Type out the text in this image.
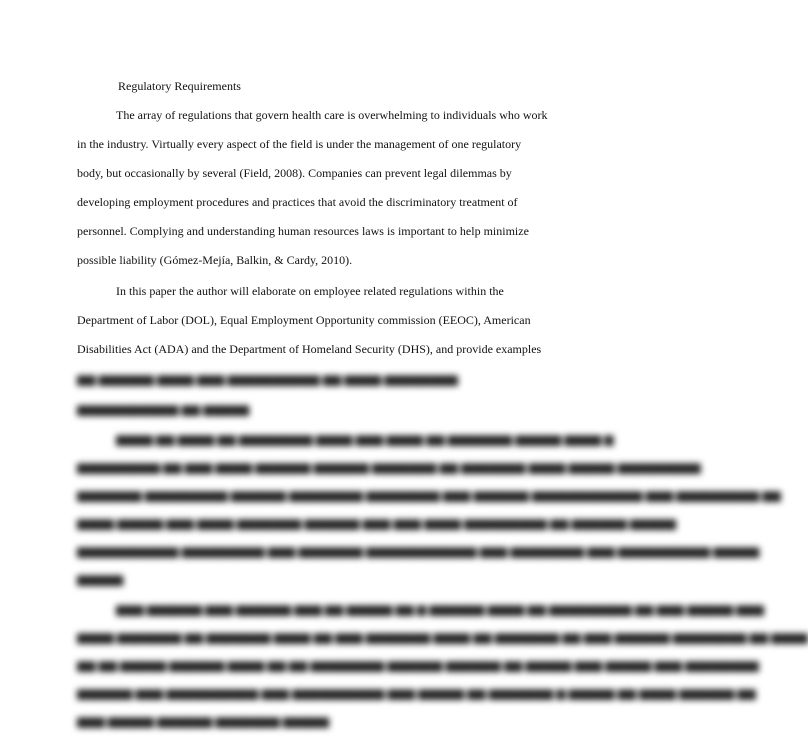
Regulatory Requirements

The array of regulations that govern health care is overwhelming to individuals who work

in the industry. Virtually every aspect of the field is under the management of one regulatory

body, but occasionally by several (Field, 2008). Companies can prevent legal dilemmas by

developing employment procedures and practices that avoid the discriminatory treatment of

personnel. Complying and understanding human resources laws is important to help minimize

possible liability (Gómez-Mejía, Balkin, & Cardy, 2010).

In this paper the author will elaborate on employee related regulations within the

Department of Labor (DOL), Equal Employment Opportunity commission (EEOC), American

Disabilities Act (ADA) and the Department of Homeland Security (DHS), and provide examples

▆▆ ▆▆▆▆▆▆ ▆▆▆▆ ▆▆▆ ▆▆▆▆▆▆▆▆▆▆ ▆▆ ▆▆▆▆ ▆▆▆▆▆▆▆▆

▆▆▆▆▆▆▆▆▆▆▆ ▆▆ ▆▆▆▆▆

▆▆▆▆ ▆▆ ▆▆▆▆ ▆▆ ▆▆▆▆▆▆▆▆ ▆▆▆▆ ▆▆▆ ▆▆▆▆ ▆▆ ▆▆▆▆▆▆▆ ▆▆▆▆▆ ▆▆▆▆ ▆

▆▆▆▆▆▆▆▆▆ ▆▆ ▆▆▆ ▆▆▆▆ ▆▆▆▆▆▆ ▆▆▆▆▆▆ ▆▆▆▆▆▆▆ ▆▆ ▆▆▆▆▆▆▆ ▆▆▆▆ ▆▆▆▆▆ ▆▆▆▆▆▆▆▆▆

▆▆▆▆▆▆▆ ▆▆▆▆▆▆▆▆▆ ▆▆▆▆▆▆ ▆▆▆▆▆▆▆▆ ▆▆▆▆▆▆▆▆ ▆▆▆ ▆▆▆▆▆▆ ▆▆▆▆▆▆▆▆▆▆▆▆ ▆▆▆ ▆▆▆▆▆▆▆▆▆ ▆▆

▆▆▆▆ ▆▆▆▆▆ ▆▆▆ ▆▆▆▆ ▆▆▆▆▆▆▆ ▆▆▆▆▆▆ ▆▆▆ ▆▆▆ ▆▆▆▆ ▆▆▆▆▆▆▆▆▆ ▆▆ ▆▆▆▆▆▆ ▆▆▆▆▆

▆▆▆▆▆▆▆▆▆▆▆ ▆▆▆▆▆▆▆▆▆ ▆▆▆ ▆▆▆▆▆▆▆ ▆▆▆▆▆▆▆▆▆▆▆▆ ▆▆▆ ▆▆▆▆▆▆▆▆ ▆▆▆ ▆▆▆▆▆▆▆▆▆▆ ▆▆▆▆▆

▆▆▆▆▆

▆▆▆ ▆▆▆▆▆▆ ▆▆▆ ▆▆▆▆▆▆ ▆▆▆ ▆▆ ▆▆▆▆▆ ▆▆ ▆ ▆▆▆▆▆▆ ▆▆▆▆ ▆▆ ▆▆▆▆▆▆▆▆▆ ▆▆ ▆▆▆ ▆▆▆▆▆ ▆▆▆

▆▆▆▆ ▆▆▆▆▆▆▆ ▆▆ ▆▆▆▆▆▆▆ ▆▆▆▆ ▆▆ ▆▆▆ ▆▆▆▆▆▆▆ ▆▆▆▆ ▆▆ ▆▆▆▆▆▆▆ ▆▆ ▆▆▆ ▆▆▆▆▆▆ ▆▆▆▆▆▆▆▆ ▆▆ ▆▆▆▆

▆▆ ▆▆ ▆▆▆▆▆ ▆▆▆▆▆▆ ▆▆▆▆ ▆▆ ▆▆ ▆▆▆▆▆▆▆▆ ▆▆▆▆▆▆ ▆▆▆▆▆▆ ▆▆ ▆▆▆▆▆ ▆▆▆ ▆▆▆▆▆ ▆▆▆ ▆▆▆▆▆▆▆▆

▆▆▆▆▆▆ ▆▆▆ ▆▆▆▆▆▆▆▆▆▆ ▆▆▆ ▆▆▆▆▆▆▆▆▆▆ ▆▆▆ ▆▆▆▆▆ ▆▆ ▆▆▆▆▆▆▆ ▆ ▆▆▆▆▆ ▆▆ ▆▆▆▆ ▆▆▆▆▆▆ ▆▆

▆▆▆ ▆▆▆▆▆ ▆▆▆▆▆▆ ▆▆▆▆▆▆▆ ▆▆▆▆▆
